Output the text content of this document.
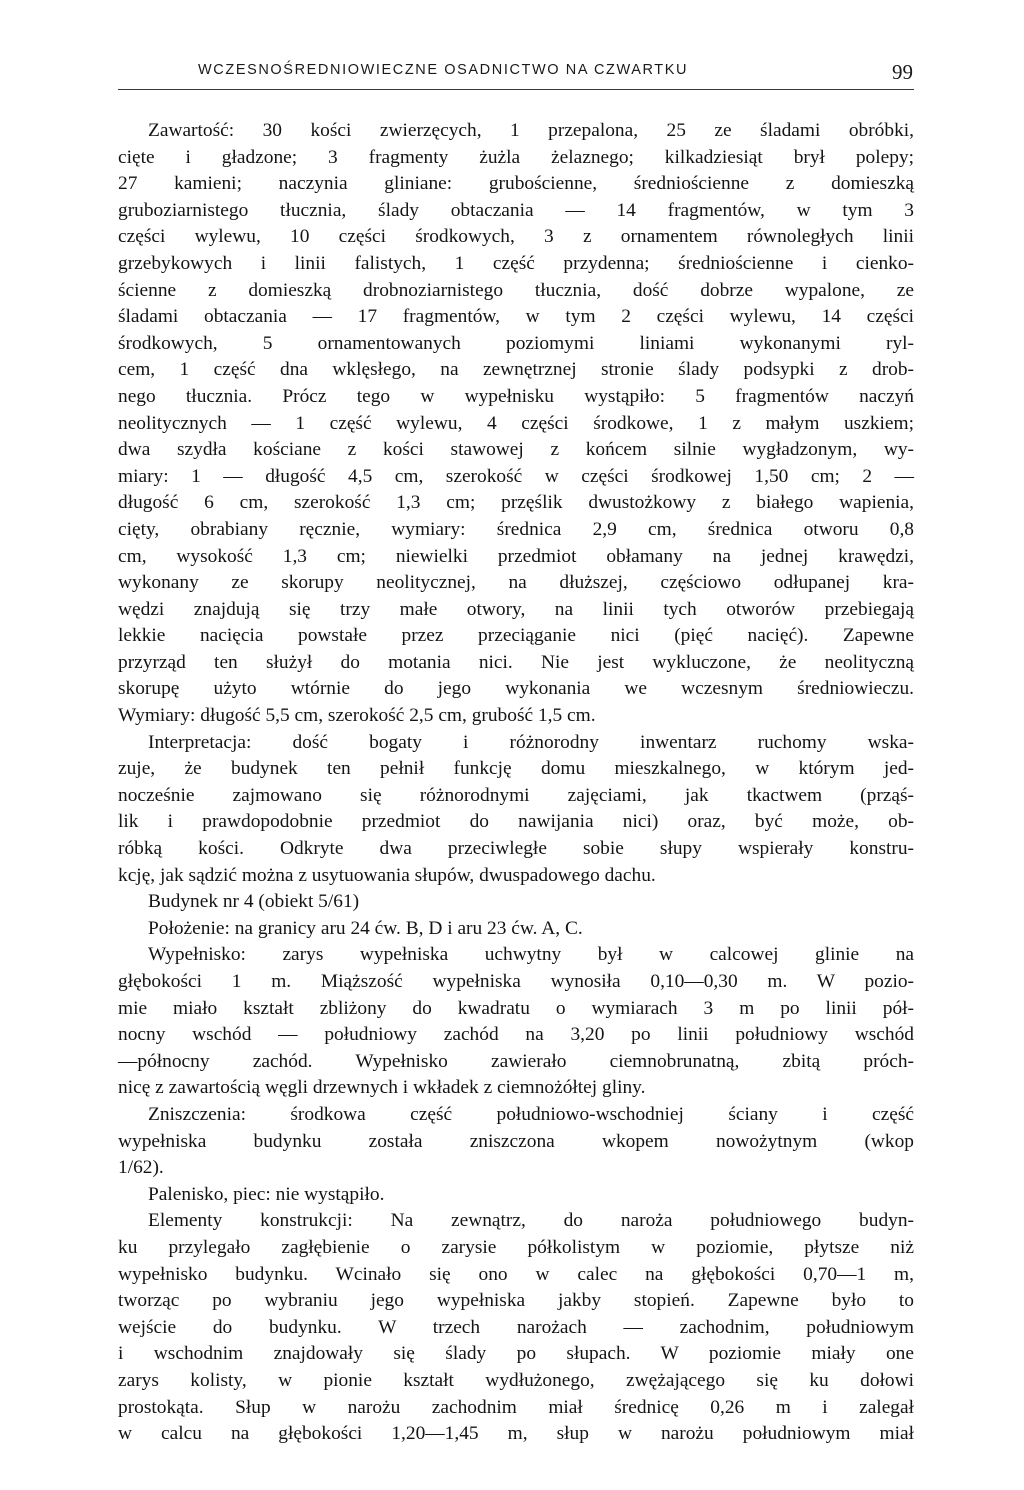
WCZESNOŚREDNIOWIECZNE OSADNICTWO NA CZWARTKU	99
Zawartość: 30 kości zwierzęcych, 1 przepalona, 25 ze śladami obróbki,
cięte i gładzone; 3 fragmenty żużla żelaznego; kilkadziesiąt brył polepy;
27 kamieni; naczynia gliniane: grubościenne, średniościenne z domieszką
gruboziarnistego tłucznia, ślady obtaczania — 14 fragmentów, w tym 3
części wylewu, 10 części środkowych, 3 z ornamentem równoległych linii
grzebykowych i linii falistych, 1 część przydenna; średniościenne i cienko-
ścienne z domieszką drobnoziarnistego tłucznia, dość dobrze wypalone, ze
śladami obtaczania — 17 fragmentów, w tym 2 części wylewu, 14 części
środkowych, 5 ornamentowanych poziomymi liniami wykonanymi ryl-
cem, 1 część dna wklęsłego, na zewnętrznej stronie ślady podsypki z drob-
nego tłucznia. Prócz tego w wypełnisku wystąpiło: 5 fragmentów naczyń
neolitycznych — 1 część wylewu, 4 części środkowe, 1 z małym uszkiem;
dwa szydła kościane z kości stawowej z końcem silnie wygładzonym, wy-
miary: 1 — długość 4,5 cm, szerokość w części środkowej 1,50 cm; 2 —
długość 6 cm, szerokość 1,3 cm; przęślik dwustożkowy z białego wapienia,
cięty, obrabiany ręcznie, wymiary: średnica 2,9 cm, średnica otworu 0,8
cm, wysokość 1,3 cm; niewielki przedmiot obłamany na jednej krawędzi,
wykonany ze skorupy neolitycznej, na dłuższej, częściowo odłupanej kra-
wędzi znajdują się trzy małe otwory, na linii tych otworów przebiegają
lekkie nacięcia powstałe przez przeciąganie nici (pięć nacięć). Zapewne
przyrząd ten służył do motania nici. Nie jest wykluczone, że neolityczną
skorupę użyto wtórnie do jego wykonania we wczesnym średniowieczu.
Wymiary: długość 5,5 cm, szerokość 2,5 cm, grubość 1,5 cm.
Interpretacja: dość bogaty i różnorodny inwentarz ruchomy wska-
zuje, że budynek ten pełnił funkcję domu mieszkalnego, w którym jed-
nocześnie zajmowano się różnorodnymi zajęciami, jak tkactwem (prząś-
lik i prawdopodobnie przedmiot do nawijania nici) oraz, być może, ob-
róbką kości. Odkryte dwa przeciwległe sobie słupy wspierały konstru-
kcję, jak sądzić można z usytuowania słupów, dwuspadowego dachu.
Budynek nr 4 (obiekt 5/61)
Położenie: na granicy aru 24 ćw. B, D i aru 23 ćw. A, C.
Wypełnisko: zarys wypełniska uchwytny był w calcowej glinie na
głębokości 1 m. Miąższość wypełniska wynosiła 0,10—0,30 m. W pozio-
mie miało kształt zbliżony do kwadratu o wymiarach 3 m po linii pół-
nocny wschód — południowy zachód na 3,20 po linii południowy wschód
—północny zachód. Wypełnisko zawierało ciemnobrunatną, zbitą próch-
nicę z zawartością węgli drzewnych i wkładek z ciemnożółtej gliny.
Zniszczenia: środkowa część południowo-wschodniej ściany i część
wypełniska budynku została zniszczona wkopem nowożytnym (wkop
1/62).
Palenisko, piec: nie wystąpiło.
Elementy konstrukcji: Na zewnątrz, do naroża południowego budyn-
ku przylegało zagłębienie o zarysie półkolistym w poziomie, płytsze niż
wypełnisko budynku. Wcinało się ono w calec na głębokości 0,70—1 m,
tworząc po wybraniu jego wypełniska jakby stopień. Zapewne było to
wejście do budynku. W trzech narożach — zachodnim, południowym
i wschodnim znajdowały się ślady po słupach. W poziomie miały one
zarys kolisty, w pionie kształt wydłużonego, zwężającego się ku dołowi
prostokąta. Słup w narożu zachodnim miał średnicę 0,26 m i zalegał
w calcu na głębokości 1,20—1,45 m, słup w narożu południowym miał
